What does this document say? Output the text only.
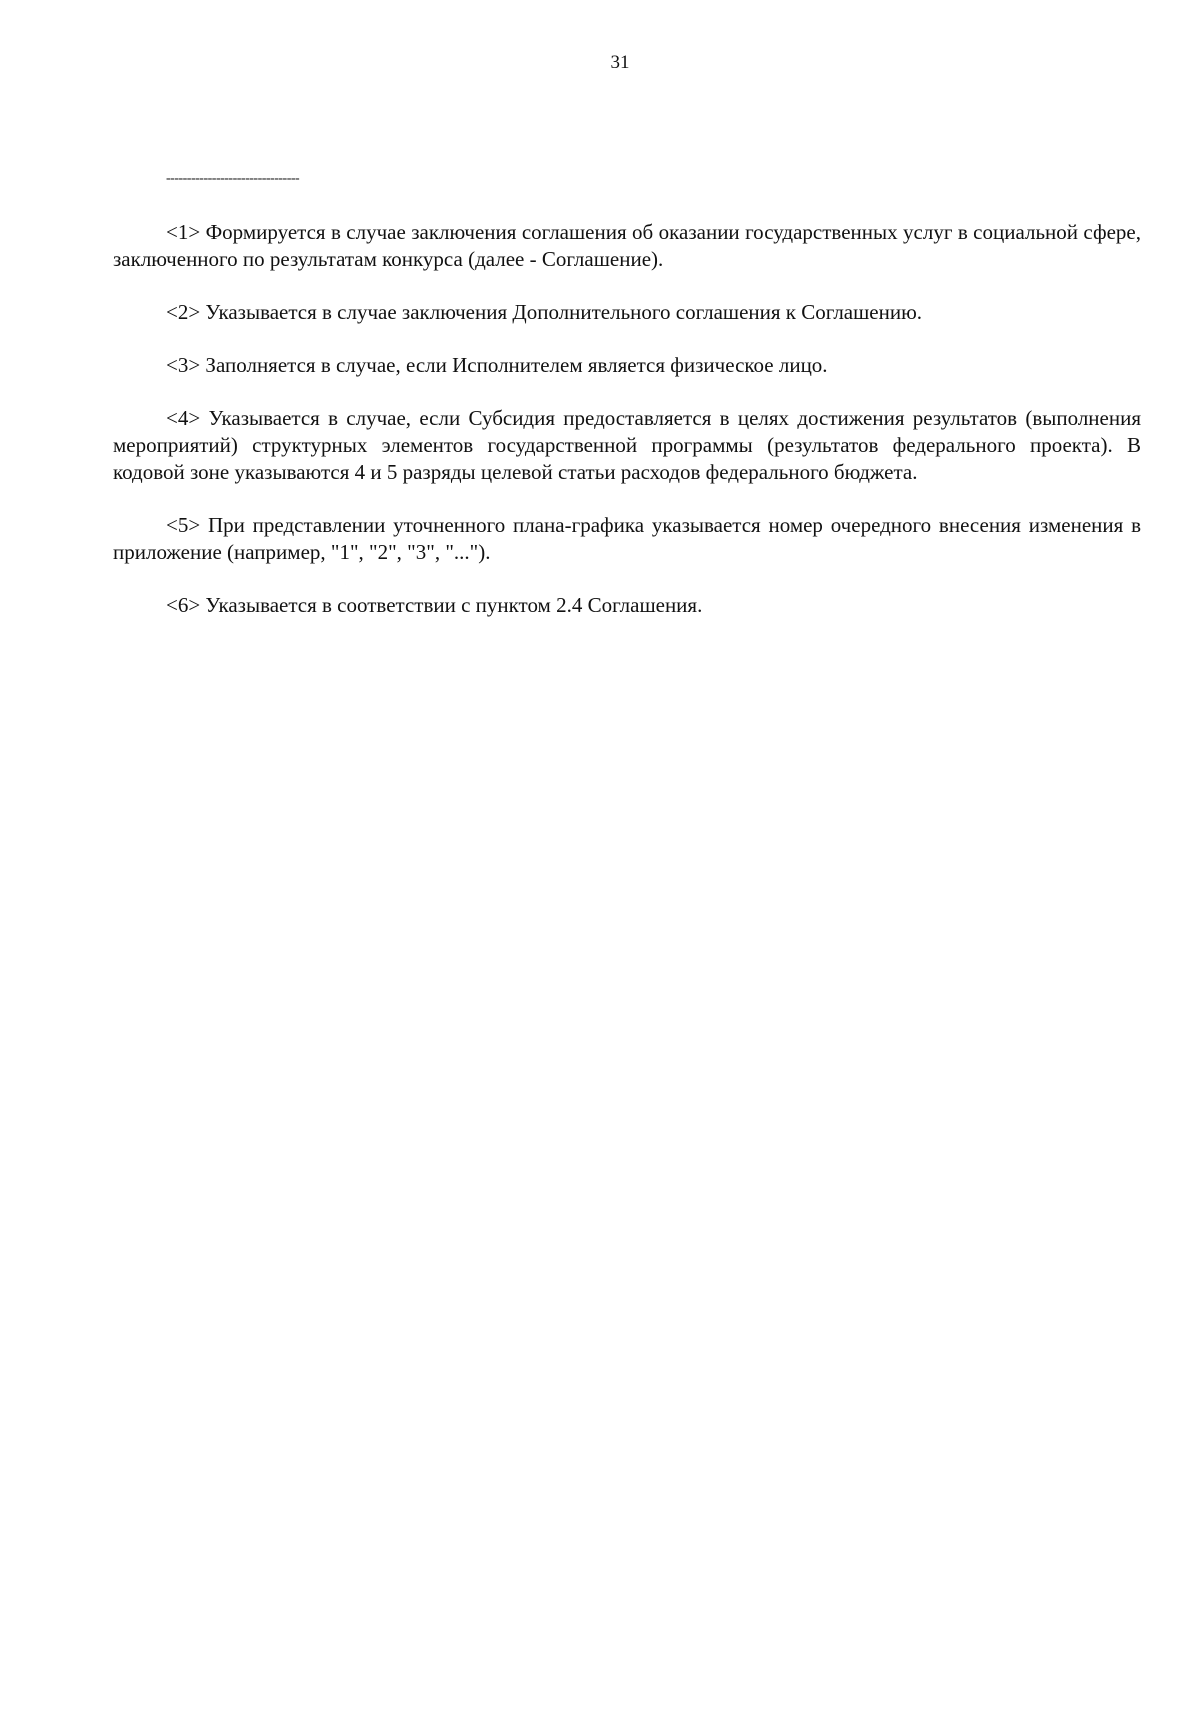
31
--------------------------------

<1> Формируется в случае заключения соглашения об оказании государственных услуг в социальной сфере, заключенного по результатам конкурса (далее - Соглашение).

<2> Указывается в случае заключения Дополнительного соглашения к Соглашению.

<3> Заполняется в случае, если Исполнителем является физическое лицо.

<4> Указывается в случае, если Субсидия предоставляется в целях достижения результатов (выполнения мероприятий) структурных элементов государственной программы (результатов федерального проекта). В кодовой зоне указываются 4 и 5 разряды целевой статьи расходов федерального бюджета.

<5> При представлении уточненного плана-графика указывается номер очередного внесения изменения в приложение (например, "1", "2", "3", "...").

<6> Указывается в соответствии с пунктом 2.4 Соглашения.
